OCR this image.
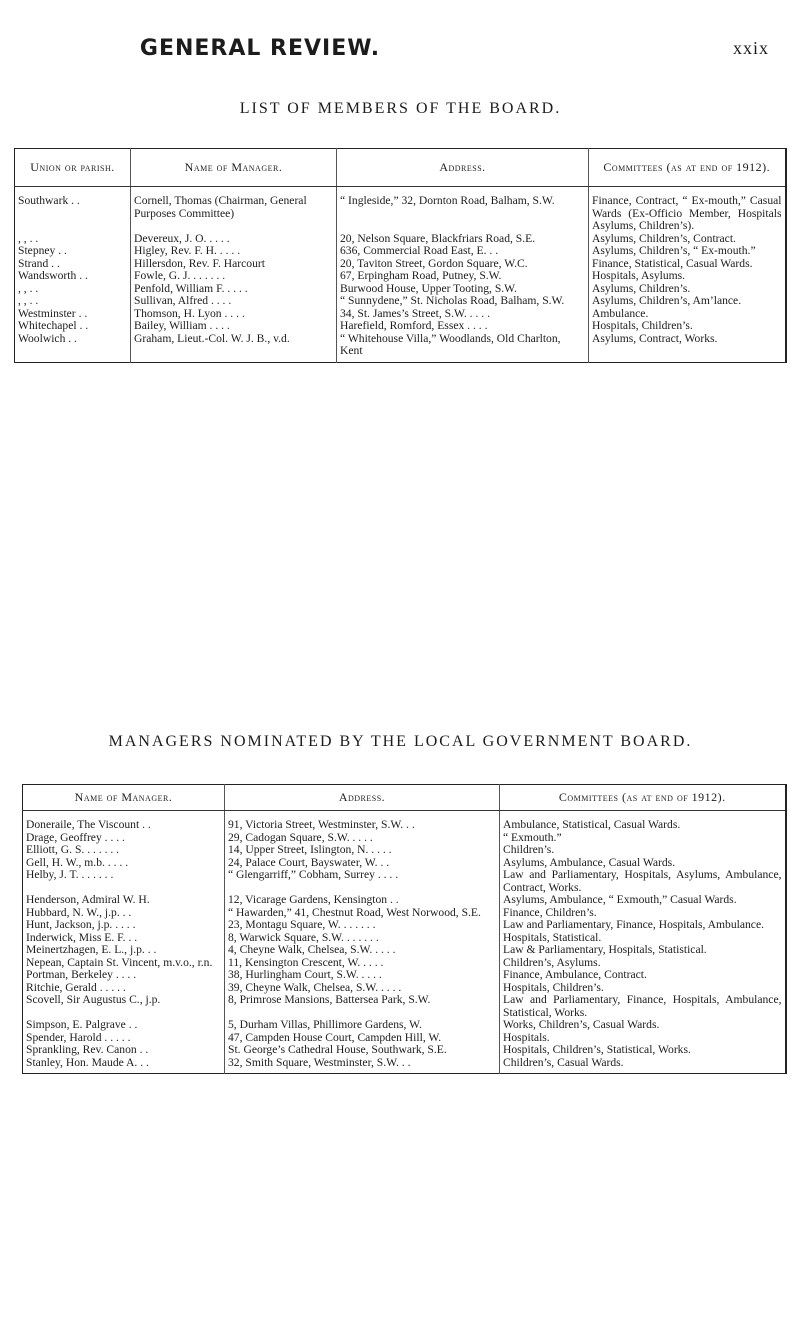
GENERAL REVIEW.	xxix
LIST OF MEMBERS OF THE BOARD.
Union or parish.	Name of Manager.	Address.	Committees (as at end of 1912).

Southwark . .	Cornell, Thomas (Chairman, General Purposes Committee)	“ Ingleside,” 32, Dornton Road, Balham, S.W.	Finance, Contract, “ Ex-mouth,” Casual Wards (Ex-Officio Member, Hospitals Asylums, Children’s).
, , . .	Devereux, J. O. . . . .	20, Nelson Square, Blackfriars Road, S.E.	Asylums, Children’s, Contract.
Stepney . .	Higley, Rev. F. H. . . . .	636, Commercial Road East, E. . .	Asylums, Children’s, “ Ex-mouth.”
Strand . .	Hillersdon, Rev. F. Harcourt	20, Taviton Street, Gordon Square, W.C.	Finance, Statistical, Casual Wards.
Wandsworth . .	Fowle, G. J. . . . . . .	67, Erpingham Road, Putney, S.W.	Hospitals, Asylums.
, , . .	Penfold, William F. . . . .	Burwood House, Upper Tooting, S.W.	Asylums, Children’s.
, , . .	Sullivan, Alfred . . . .	“ Sunnydene,” St. Nicholas Road, Balham, S.W.	Asylums, Children’s, Am’lance.
Westminster . .	Thomson, H. Lyon . . . .	34, St. James’s Street, S.W. . . . .	Ambulance.
Whitechapel . .	Bailey, William . . . .	Harefield, Romford, Essex . . . .	Hospitals, Children’s.
Woolwich . .	Graham, Lieut.-Col. W. J. B., v.d.	“ Whitehouse Villa,” Woodlands, Old Charlton, Kent	Asylums, Contract, Works.

MANAGERS NOMINATED BY THE LOCAL GOVERNMENT BOARD.
Name of Manager.	Address.	Committees (as at end of 1912).

Doneraile, The Viscount . .	91, Victoria Street, Westminster, S.W. . .	Ambulance, Statistical, Casual Wards.
Drage, Geoffrey . . . .	29, Cadogan Square, S.W. . . . .	“ Exmouth.”
Elliott, G. S. . . . . . .	14, Upper Street, Islington, N. . . . .	Children’s.
Gell, H. W., m.b. . . . .	24, Palace Court, Bayswater, W. . .	Asylums, Ambulance, Casual Wards.
Helby, J. T. . . . . . .	“ Glengarriff,” Cobham, Surrey . . . .	Law and Parliamentary, Hospitals, Asylums, Ambulance, Contract, Works.
Henderson, Admiral W. H.	12, Vicarage Gardens, Kensington . .	Asylums, Ambulance, “ Exmouth,” Casual Wards.
Hubbard, N. W., j.p. . .	“ Hawarden,” 41, Chestnut Road, West Norwood, S.E.	Finance, Children’s.
Hunt, Jackson, j.p. . . . .	23, Montagu Square, W. . . . . . .	Law and Parliamentary, Finance, Hospitals, Ambulance.
Inderwick, Miss E. F. . .	8, Warwick Square, S.W. . . . . . .	Hospitals, Statistical.
Meinertzhagen, E. L., j.p. . .	4, Cheyne Walk, Chelsea, S.W. . . . .	Law & Parliamentary, Hospitals, Statistical.
Nepean, Captain St. Vincent, m.v.o., r.n.	11, Kensington Crescent, W. . . . .	Children’s, Asylums.
Portman, Berkeley . . . .	38, Hurlingham Court, S.W. . . . .	Finance, Ambulance, Contract.
Ritchie, Gerald . . . . .	39, Cheyne Walk, Chelsea, S.W. . . . .	Hospitals, Children’s.
Scovell, Sir Augustus C., j.p.	8, Primrose Mansions, Battersea Park, S.W.	Law and Parliamentary, Finance, Hospitals, Ambulance, Statistical, Works.
Simpson, E. Palgrave . .	5, Durham Villas, Phillimore Gardens, W.	Works, Children’s, Casual Wards.
Spender, Harold . . . . .	47, Campden House Court, Campden Hill, W.	Hospitals.
Sprankling, Rev. Canon . .	St. George’s Cathedral House, Southwark, S.E.	Hospitals, Children’s, Statistical, Works.
Stanley, Hon. Maude A. . .	32, Smith Square, Westminster, S.W. . .	Children’s, Casual Wards.
